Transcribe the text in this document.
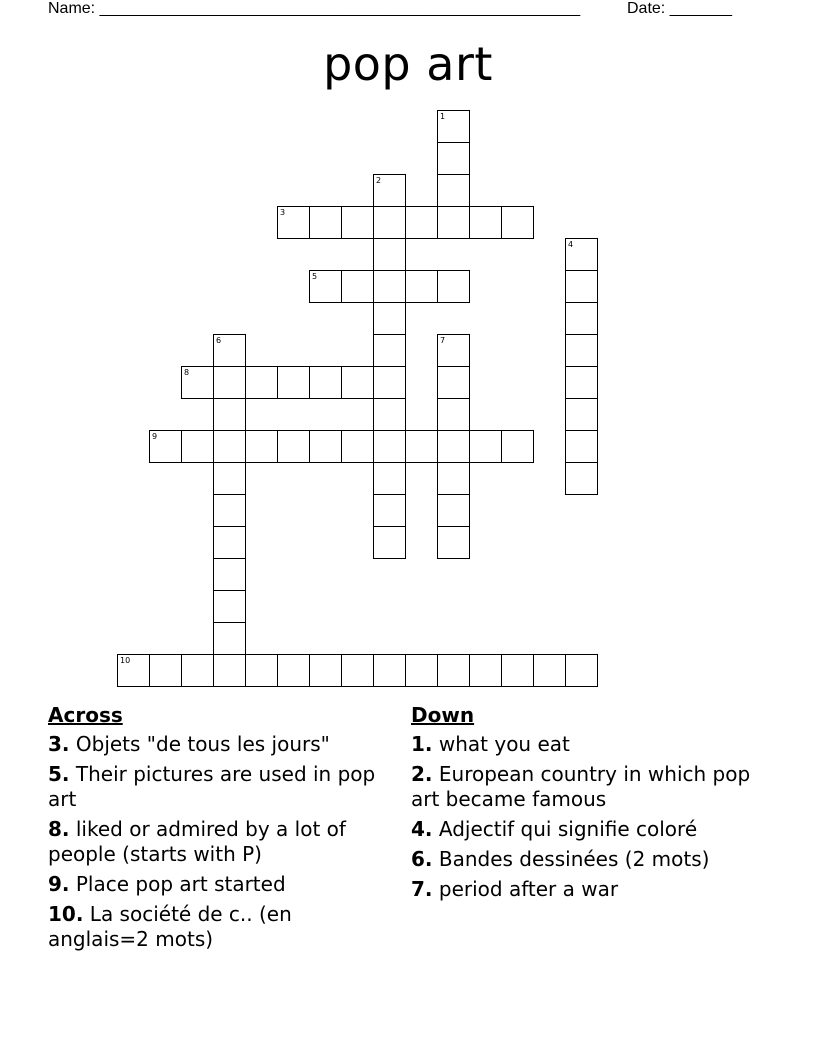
Name: ______________________________________________________	Date: _______
pop art
1
2
3
4
5
6	7
8
9
10
Across
3. Objets "de tous les jours"
5. Their pictures are used in pop art
8. liked or admired by a lot of people (starts with P)
9. Place pop art started
10. La société de c.. (en anglais=2 mots)
Down
1. what you eat
2. European country in which pop art became famous
4. Adjectif qui signifie coloré
6. Bandes dessinées (2 mots)
7. period after a war
